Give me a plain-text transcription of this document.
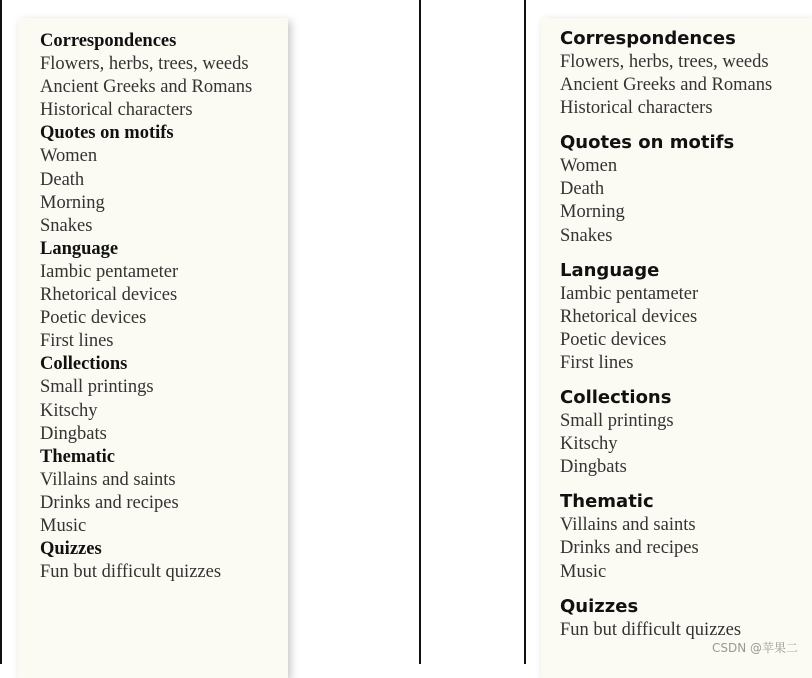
Correspondences
Flowers, herbs, trees, weeds
Ancient Greeks and Romans
Historical characters
Quotes on motifs
Women
Death
Morning
Snakes
Language
Iambic pentameter
Rhetorical devices
Poetic devices
First lines
Collections
Small printings
Kitschy
Dingbats
Thematic
Villains and saints
Drinks and recipes
Music
Quizzes
Fun but difficult quizzes
Correspondences
Flowers, herbs, trees, weeds
Ancient Greeks and Romans
Historical characters
Quotes on motifs
Women
Death
Morning
Snakes
Language
Iambic pentameter
Rhetorical devices
Poetic devices
First lines
Collections
Small printings
Kitschy
Dingbats
Thematic
Villains and saints
Drinks and recipes
Music
Quizzes
Fun but difficult quizzes
CSDN @苹果二
